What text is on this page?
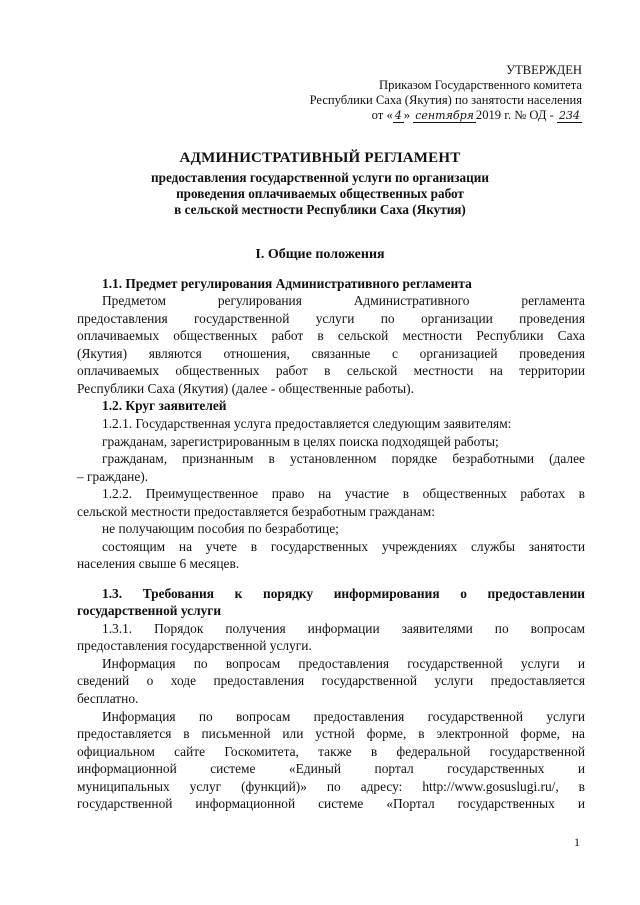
УТВЕРЖДЕН
Приказом Государственного комитета
Республики Саха (Якутия) по занятости населения
от « 4 » сентября 2019 г. № ОД - 234
АДМИНИСТРАТИВНЫЙ РЕГЛАМЕНТ
предоставления государственной услуги по организации
проведения оплачиваемых общественных работ
в сельской местности Республики Саха (Якутия)
I. Общие положения
1.1. Предмет регулирования Административного регламента
Предметом регулирования Административного регламента
предоставления государственной услуги по организации проведения
оплачиваемых общественных работ в сельской местности Республики Саха
(Якутия) являются отношения, связанные с организацией проведения
оплачиваемых общественных работ в сельской местности на территории
Республики Саха (Якутия) (далее - общественные работы).
1.2. Круг заявителей
1.2.1. Государственная услуга предоставляется следующим заявителям:
гражданам, зарегистрированным в целях поиска подходящей работы;
гражданам, признанным в установленном порядке безработными (далее
– граждане).
1.2.2. Преимущественное право на участие в общественных работах в
сельской местности предоставляется безработным гражданам:
не получающим пособия по безработице;
состоящим на учете в государственных учреждениях службы занятости
населения свыше 6 месяцев.
1.3. Требования к порядку информирования о предоставлении
государственной услуги
1.3.1. Порядок получения информации заявителями по вопросам
предоставления государственной услуги.
Информация по вопросам предоставления государственной услуги и
сведений о ходе предоставления государственной услуги предоставляется
бесплатно.
Информация по вопросам предоставления государственной услуги
предоставляется в письменной или устной форме, в электронной форме, на
официальном сайте Госкомитета, также в федеральной государственной
информационной системе «Единый портал государственных и
муниципальных услуг (функций)» по адресу: http://www.gosuslugi.ru/, в
государственной информационной системе «Портал государственных и
1
